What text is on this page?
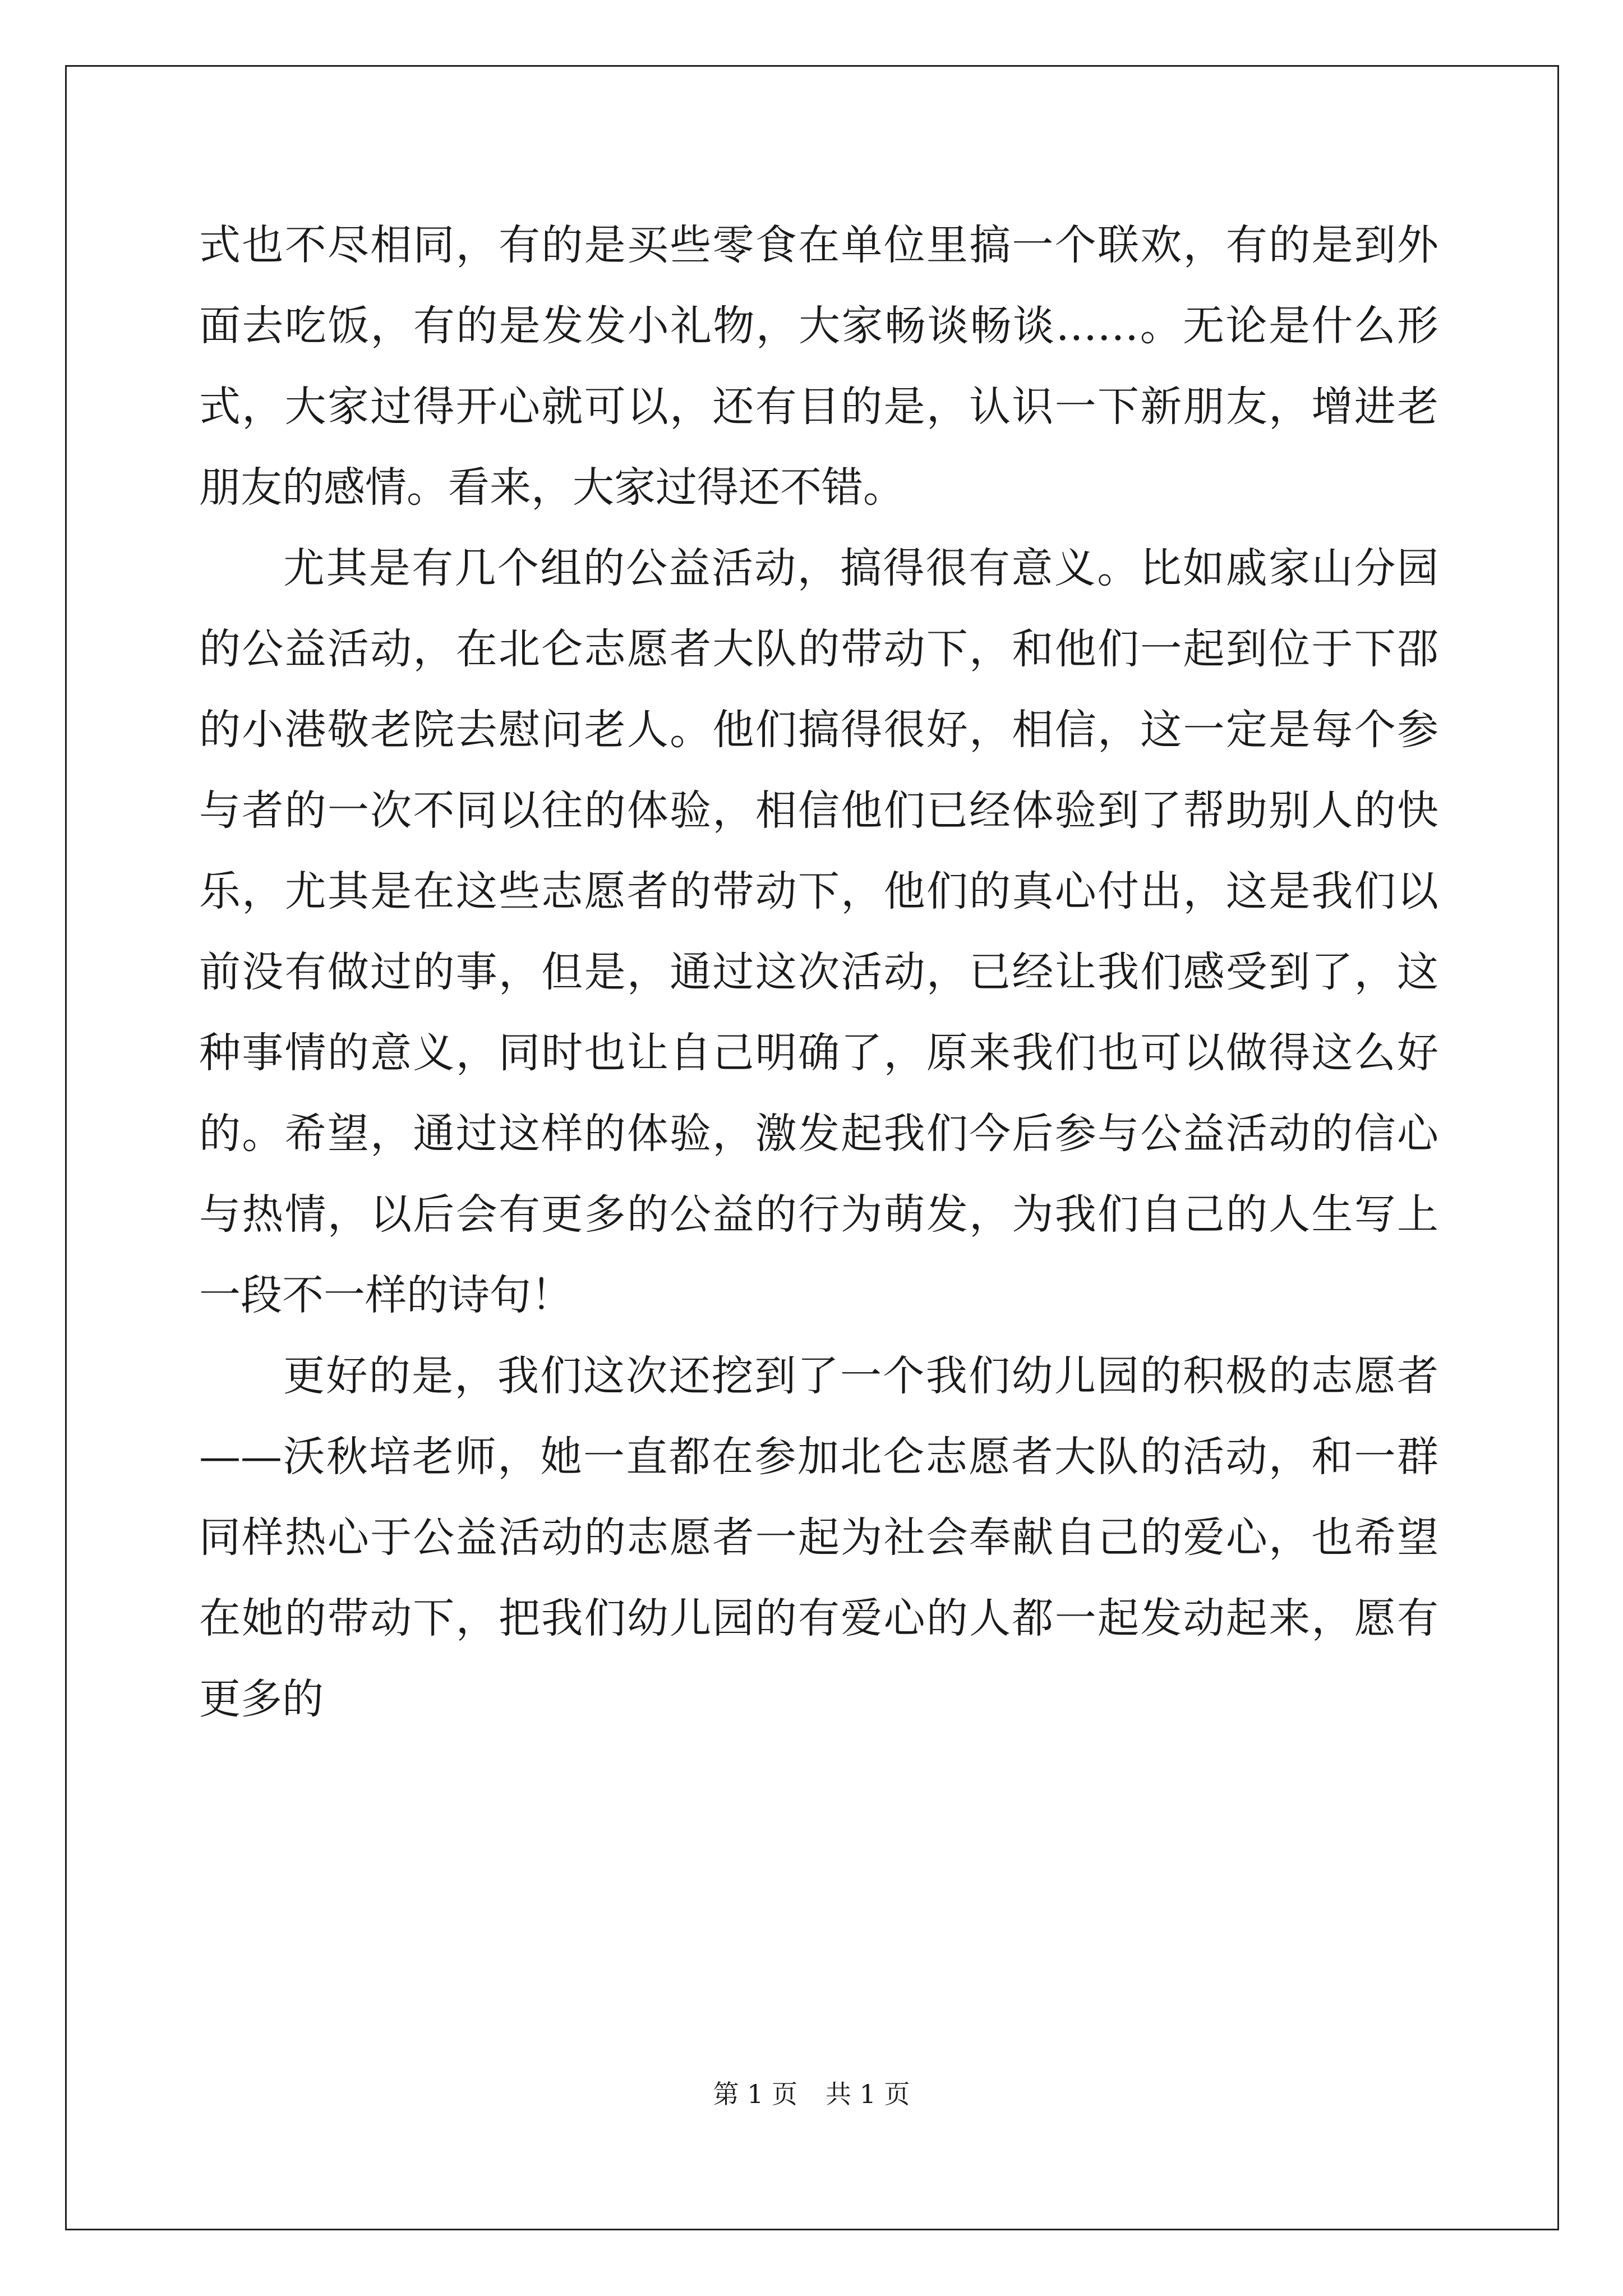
式也不尽相同，有的是买些零食在单位里搞一个联欢，有的是到外面去吃饭，有的是发发小礼物，大家畅谈畅谈……。无论是什么形式，大家过得开心就可以，还有目的是，认识一下新朋友，增进老朋友的感情。看来，大家过得还不错。

尤其是有几个组的公益活动，搞得很有意义。比如戚家山分园的公益活动，在北仑志愿者大队的带动下，和他们一起到位于下邵的小港敬老院去慰问老人。他们搞得很好，相信，这一定是每个参与者的一次不同以往的体验，相信他们已经体验到了帮助别人的快乐，尤其是在这些志愿者的带动下，他们的真心付出，这是我们以前没有做过的事，但是，通过这次活动，已经让我们感受到了，这种事情的意义，同时也让自己明确了，原来我们也可以做得这么好的。希望，通过这样的体验，激发起我们今后参与公益活动的信心与热情，以后会有更多的公益的行为萌发，为我们自己的人生写上一段不一样的诗句！

更好的是，我们这次还挖到了一个我们幼儿园的积极的志愿者——沃秋培老师，她一直都在参加北仑志愿者大队的活动，和一群同样热心于公益活动的志愿者一起为社会奉献自己的爱心，也希望在她的带动下，把我们幼儿园的有爱心的人都一起发动起来，愿有更多的

第 1 页 共 1 页
